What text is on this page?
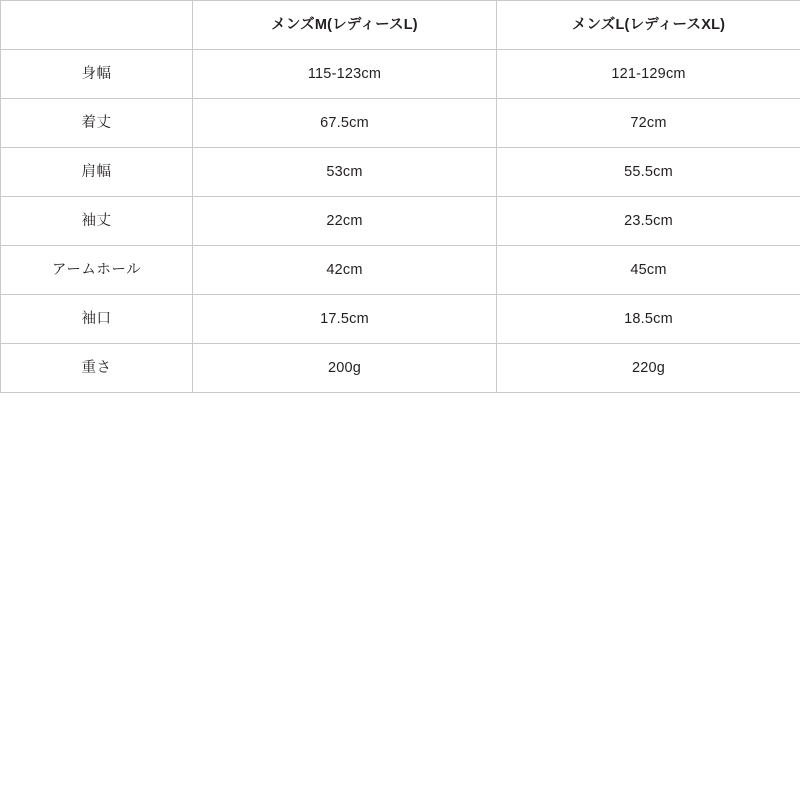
	メンズM(レディースL)	メンズL(レディースXL)
身幅	115-123cm	121-129cm
着丈	67.5cm	72cm
肩幅	53cm	55.5cm
袖丈	22cm	23.5cm
アームホール	42cm	45cm
袖口	17.5cm	18.5cm
重さ	200g	220g
